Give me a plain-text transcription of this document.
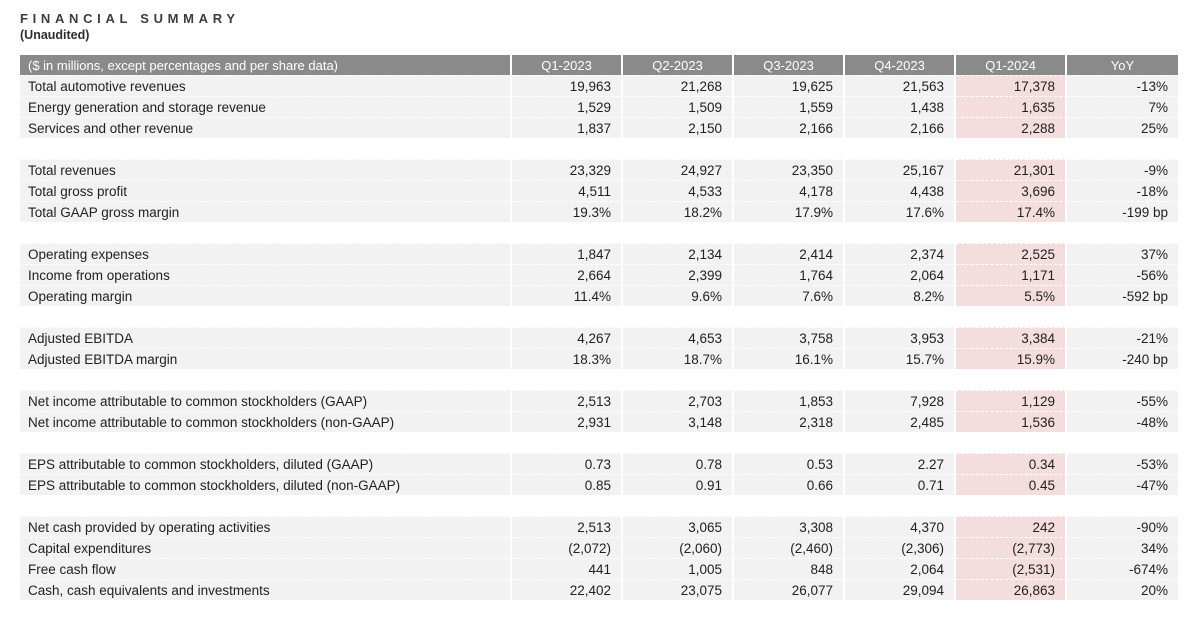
FINANCIAL SUMMARY
(Unaudited)
($ in millions, except percentages and per share data)	Q1-2023	Q2-2023	Q3-2023	Q4-2023	Q1-2024	YoY
Total automotive revenues	19,963	21,268	19,625	21,563	17,378	-13%
Energy generation and storage revenue	1,529	1,509	1,559	1,438	1,635	7%
Services and other revenue	1,837	2,150	2,166	2,166	2,288	25%

Total revenues	23,329	24,927	23,350	25,167	21,301	-9%
Total gross profit	4,511	4,533	4,178	4,438	3,696	-18%
Total GAAP gross margin	19.3%	18.2%	17.9%	17.6%	17.4%	-199 bp

Operating expenses	1,847	2,134	2,414	2,374	2,525	37%
Income from operations	2,664	2,399	1,764	2,064	1,171	-56%
Operating margin	11.4%	9.6%	7.6%	8.2%	5.5%	-592 bp

Adjusted EBITDA	4,267	4,653	3,758	3,953	3,384	-21%
Adjusted EBITDA margin	18.3%	18.7%	16.1%	15.7%	15.9%	-240 bp

Net income attributable to common stockholders (GAAP)	2,513	2,703	1,853	7,928	1,129	-55%
Net income attributable to common stockholders (non-GAAP)	2,931	3,148	2,318	2,485	1,536	-48%

EPS attributable to common stockholders, diluted (GAAP)	0.73	0.78	0.53	2.27	0.34	-53%
EPS attributable to common stockholders, diluted (non-GAAP)	0.85	0.91	0.66	0.71	0.45	-47%

Net cash provided by operating activities	2,513	3,065	3,308	4,370	242	-90%
Capital expenditures	(2,072)	(2,060)	(2,460)	(2,306)	(2,773)	34%
Free cash flow	441	1,005	848	2,064	(2,531)	-674%
Cash, cash equivalents and investments	22,402	23,075	26,077	29,094	26,863	20%
